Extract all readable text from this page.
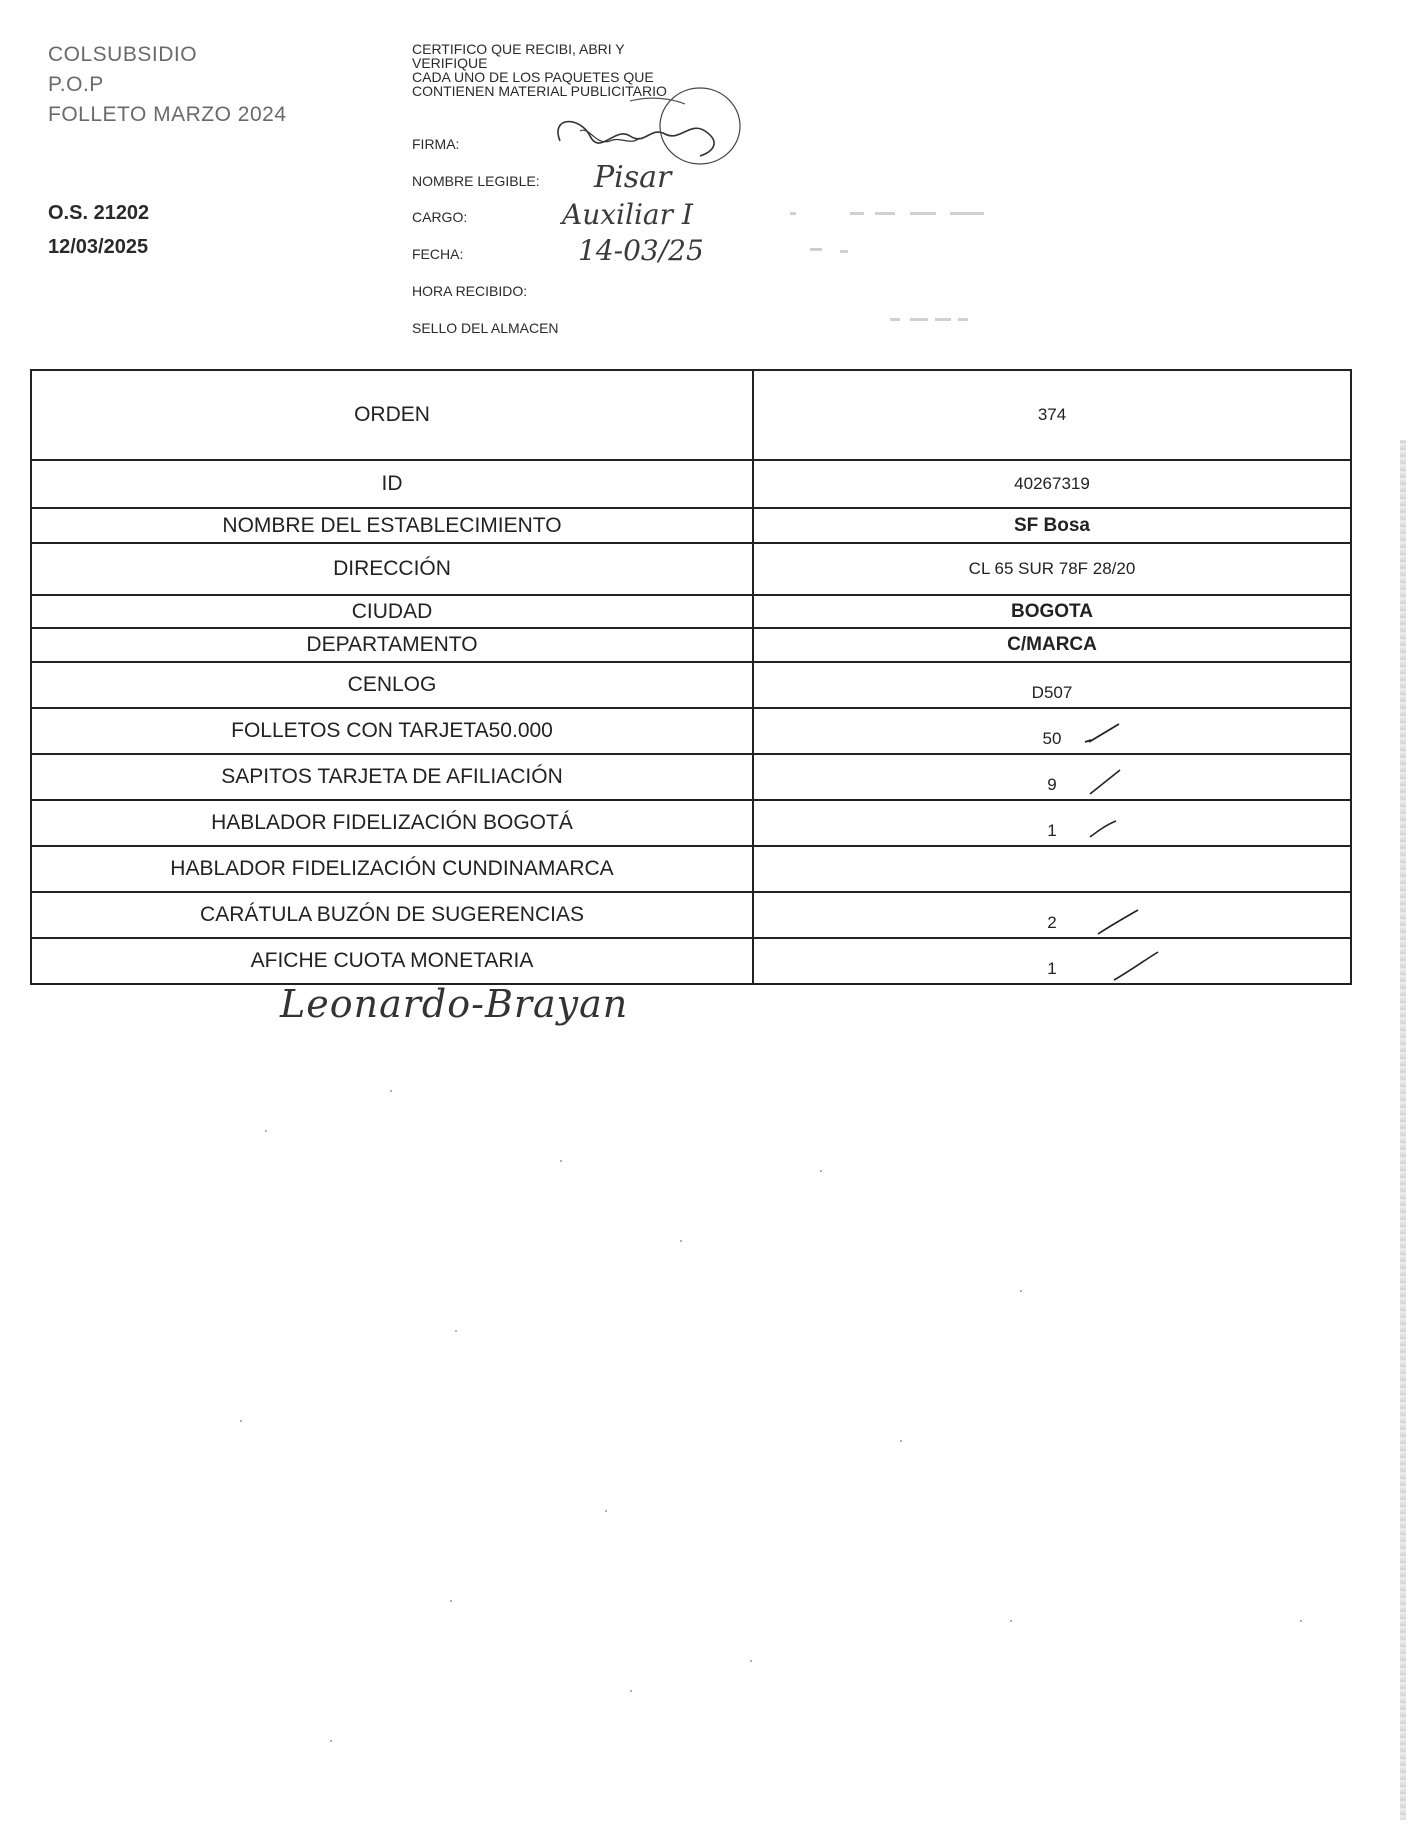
COLSUBSIDIO
P.O.P
FOLLETO MARZO 2024
O.S. 21202
12/03/2025
CERTIFICO QUE RECIBI, ABRI Y
VERIFIQUE
CADA UNO DE LOS PAQUETES QUE
CONTIENEN MATERIAL PUBLICITARIO
FIRMA:
NOMBRE LEGIBLE: Pisar
CARGO:	Auxiliar I
FECHA:	14-03/25
HORA RECIBIDO:
SELLO DEL ALMACEN
ORDEN	374
ID	40267319
NOMBRE DEL ESTABLECIMIENTO	SF Bosa
DIRECCIÓN	CL 65 SUR 78F 28/20
CIUDAD	BOGOTA
DEPARTAMENTO	C/MARCA
CENLOG	D507
FOLLETOS CON TARJETA50.000	50
SAPITOS TARJETA DE AFILIACIÓN	9
HABLADOR FIDELIZACIÓN BOGOTÁ	1
HABLADOR FIDELIZACIÓN CUNDINAMARCA
CARÁTULA BUZÓN DE SUGERENCIAS	2
AFICHE CUOTA MONETARIA	1
Leonardo-Brayan
